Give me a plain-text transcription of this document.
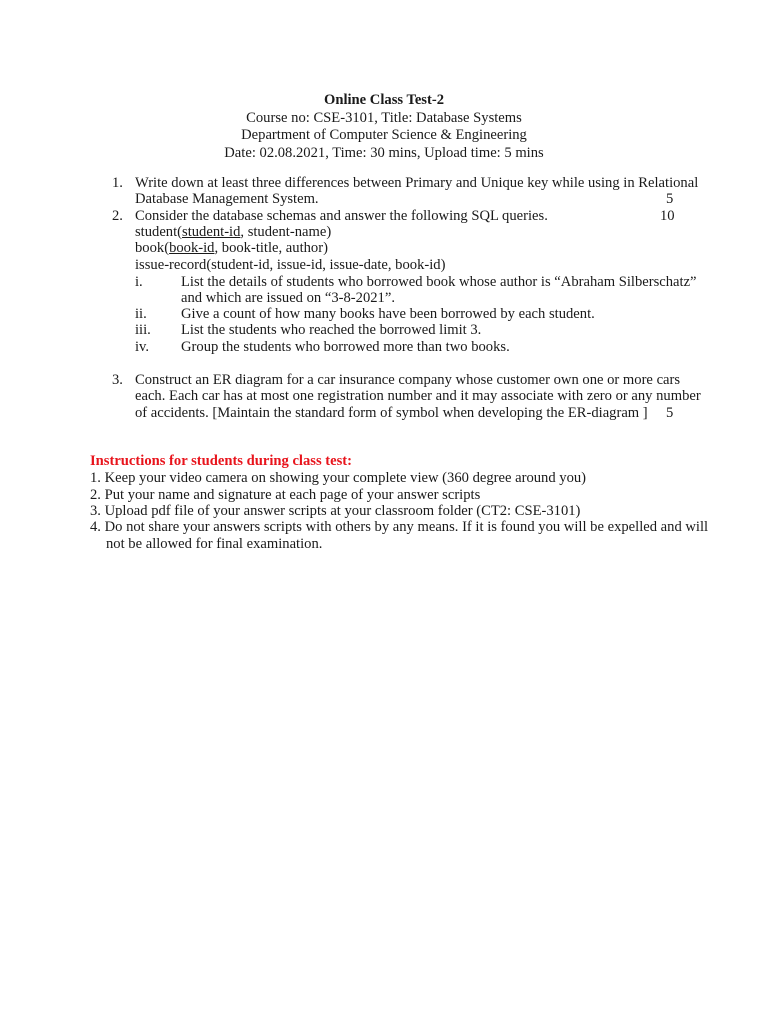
Online Class Test-2
Course no: CSE-3101, Title: Database Systems
Department of Computer Science & Engineering
Date: 02.08.2021, Time: 30 mins, Upload time: 5 mins
1. Write down at least three differences between Primary and Unique key while using in Relational
Database Management System.	5
2. Consider the database schemas and answer the following SQL queries.	10
student(student-id, student-name)
book(book-id, book-title, author)
issue-record(student-id, issue-id, issue-date, book-id)
i.	List the details of students who borrowed book whose author is “Abraham Silberschatz”
and which are issued on “3-8-2021”.
ii. Give a count of how many books have been borrowed by each student.
iii. List the students who reached the borrowed limit 3.
iv. Group the students who borrowed more than two books.
3. Construct an ER diagram for a car insurance company whose customer own one or more cars
each. Each car has at most one registration number and it may associate with zero or any number
of accidents. [Maintain the standard form of symbol when developing the ER-diagram ] 5
Instructions for students during class test:
1. Keep your video camera on showing your complete view (360 degree around you)
2. Put your name and signature at each page of your answer scripts
3. Upload pdf file of your answer scripts at your classroom folder (CT2: CSE-3101)
4. Do not share your answers scripts with others by any means. If it is found you will be expelled and will
not be allowed for final examination.
